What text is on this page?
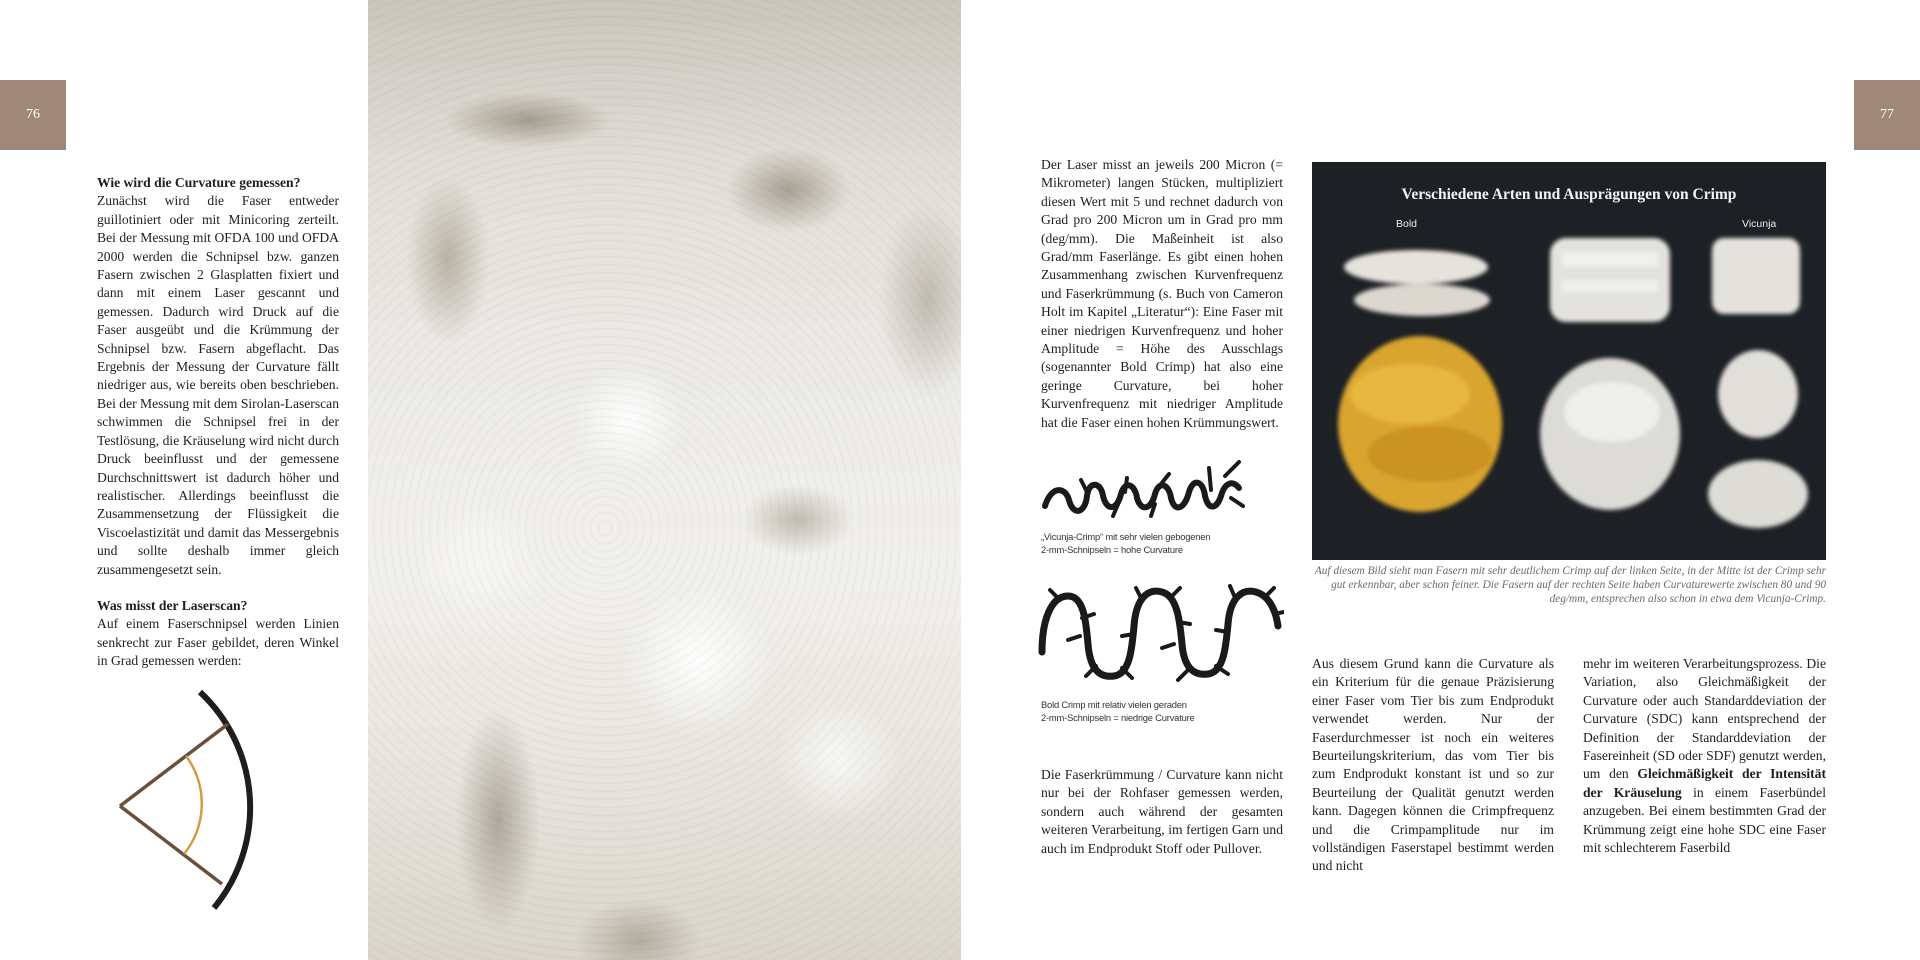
76	77

Wie wird die Curvature gemessen?

Zunächst wird die Faser entweder guillotiniert oder mit Minicoring zerteilt. Bei der Messung mit OFDA 100 und OFDA 2000 werden die Schnipsel bzw. ganzen Fasern zwischen 2 Glasplatten fixiert und dann mit einem Laser gescannt und gemessen. Dadurch wird Druck auf die Faser ausgeübt und die Krümmung der Schnipsel bzw. Fasern abgeflacht. Das Ergebnis der Messung der Curvature fällt niedriger aus, wie bereits oben beschrieben. Bei der Messung mit dem Sirolan-Laserscan schwimmen die Schnipsel frei in der Testlösung, die Kräuselung wird nicht durch Druck beeinflusst und der gemessene Durchschnittswert ist dadurch höher und realistischer. Allerdings beeinflusst die Zusammensetzung der Flüssigkeit die Viscoelastizität und damit das Messergebnis und sollte deshalb immer gleich zusammengesetzt sein.

Was misst der Laserscan?

Auf einem Faserschnipsel werden Linien senkrecht zur Faser gebildet, deren Winkel in Grad gemessen werden:

Der Laser misst an jeweils 200 Micron (= Mikrometer) langen Stücken, multipliziert diesen Wert mit 5 und rechnet dadurch von Grad pro 200 Micron um in Grad pro mm (deg/mm). Die Maßeinheit ist also Grad/mm Faserlänge. Es gibt einen hohen Zusammenhang zwischen Kurvenfrequenz und Faserkrümmung (s. Buch von Cameron Holt im Kapitel „Literatur“): Eine Faser mit einer niedrigen Kurvenfrequenz und hoher Amplitude = Höhe des Ausschlags (sogenannter Bold Crimp) hat also eine geringe Curvature, bei hoher Kurvenfrequenz mit niedriger Amplitude hat die Faser einen hohen Krümmungswert.

„Vicunja-Crimp“ mit sehr vielen gebogenen
2-mm-Schnipseln = hohe Curvature
Bold Crimp mit relativ vielen geraden
2-mm-Schnipseln = niedrige Curvature

Die Faserkrümmung / Curvature kann nicht nur bei der Rohfaser gemessen werden, sondern auch während der gesamten weiteren Verarbeitung, im fertigen Garn und auch im Endprodukt Stoff oder Pullover.

Verschiedene Arten und Ausprägungen von Crimp
Bold	Vicunja
Auf diesem Bild sieht man Fasern mit sehr deutlichem Crimp auf der linken Seite, in der Mitte ist der Crimp sehr gut erkennbar, aber schon feiner. Die Fasern auf der rechten Seite haben Curvaturewerte zwischen 80 und 90 deg/mm, entsprechen also schon in etwa dem Vicunja-Crimp.

Aus diesem Grund kann die Curvature als ein Kriterium für die genaue Präzisierung einer Faser vom Tier bis zum Endprodukt verwendet werden. Nur der Faserdurchmesser ist noch ein weiteres Beurteilungskriterium, das vom Tier bis zum Endprodukt konstant ist und so zur Beurteilung der Qualität genutzt werden kann. Dagegen können die Crimpfrequenz und die Crimpamplitude nur im vollständigen Faserstapel bestimmt werden und nicht

mehr im weiteren Verarbeitungsprozess. Die Variation, also Gleichmäßigkeit der Curvature oder auch Standarddeviation der Curvature (SDC) kann entsprechend der Definition der Standarddeviation der Fasereinheit (SD oder SDF) genutzt werden, um den Gleichmäßigkeit der Intensität der Kräuselung in einem Faserbündel anzugeben. Bei einem bestimmten Grad der Krümmung zeigt eine hohe SDC eine Faser mit schlechterem Faserbild
